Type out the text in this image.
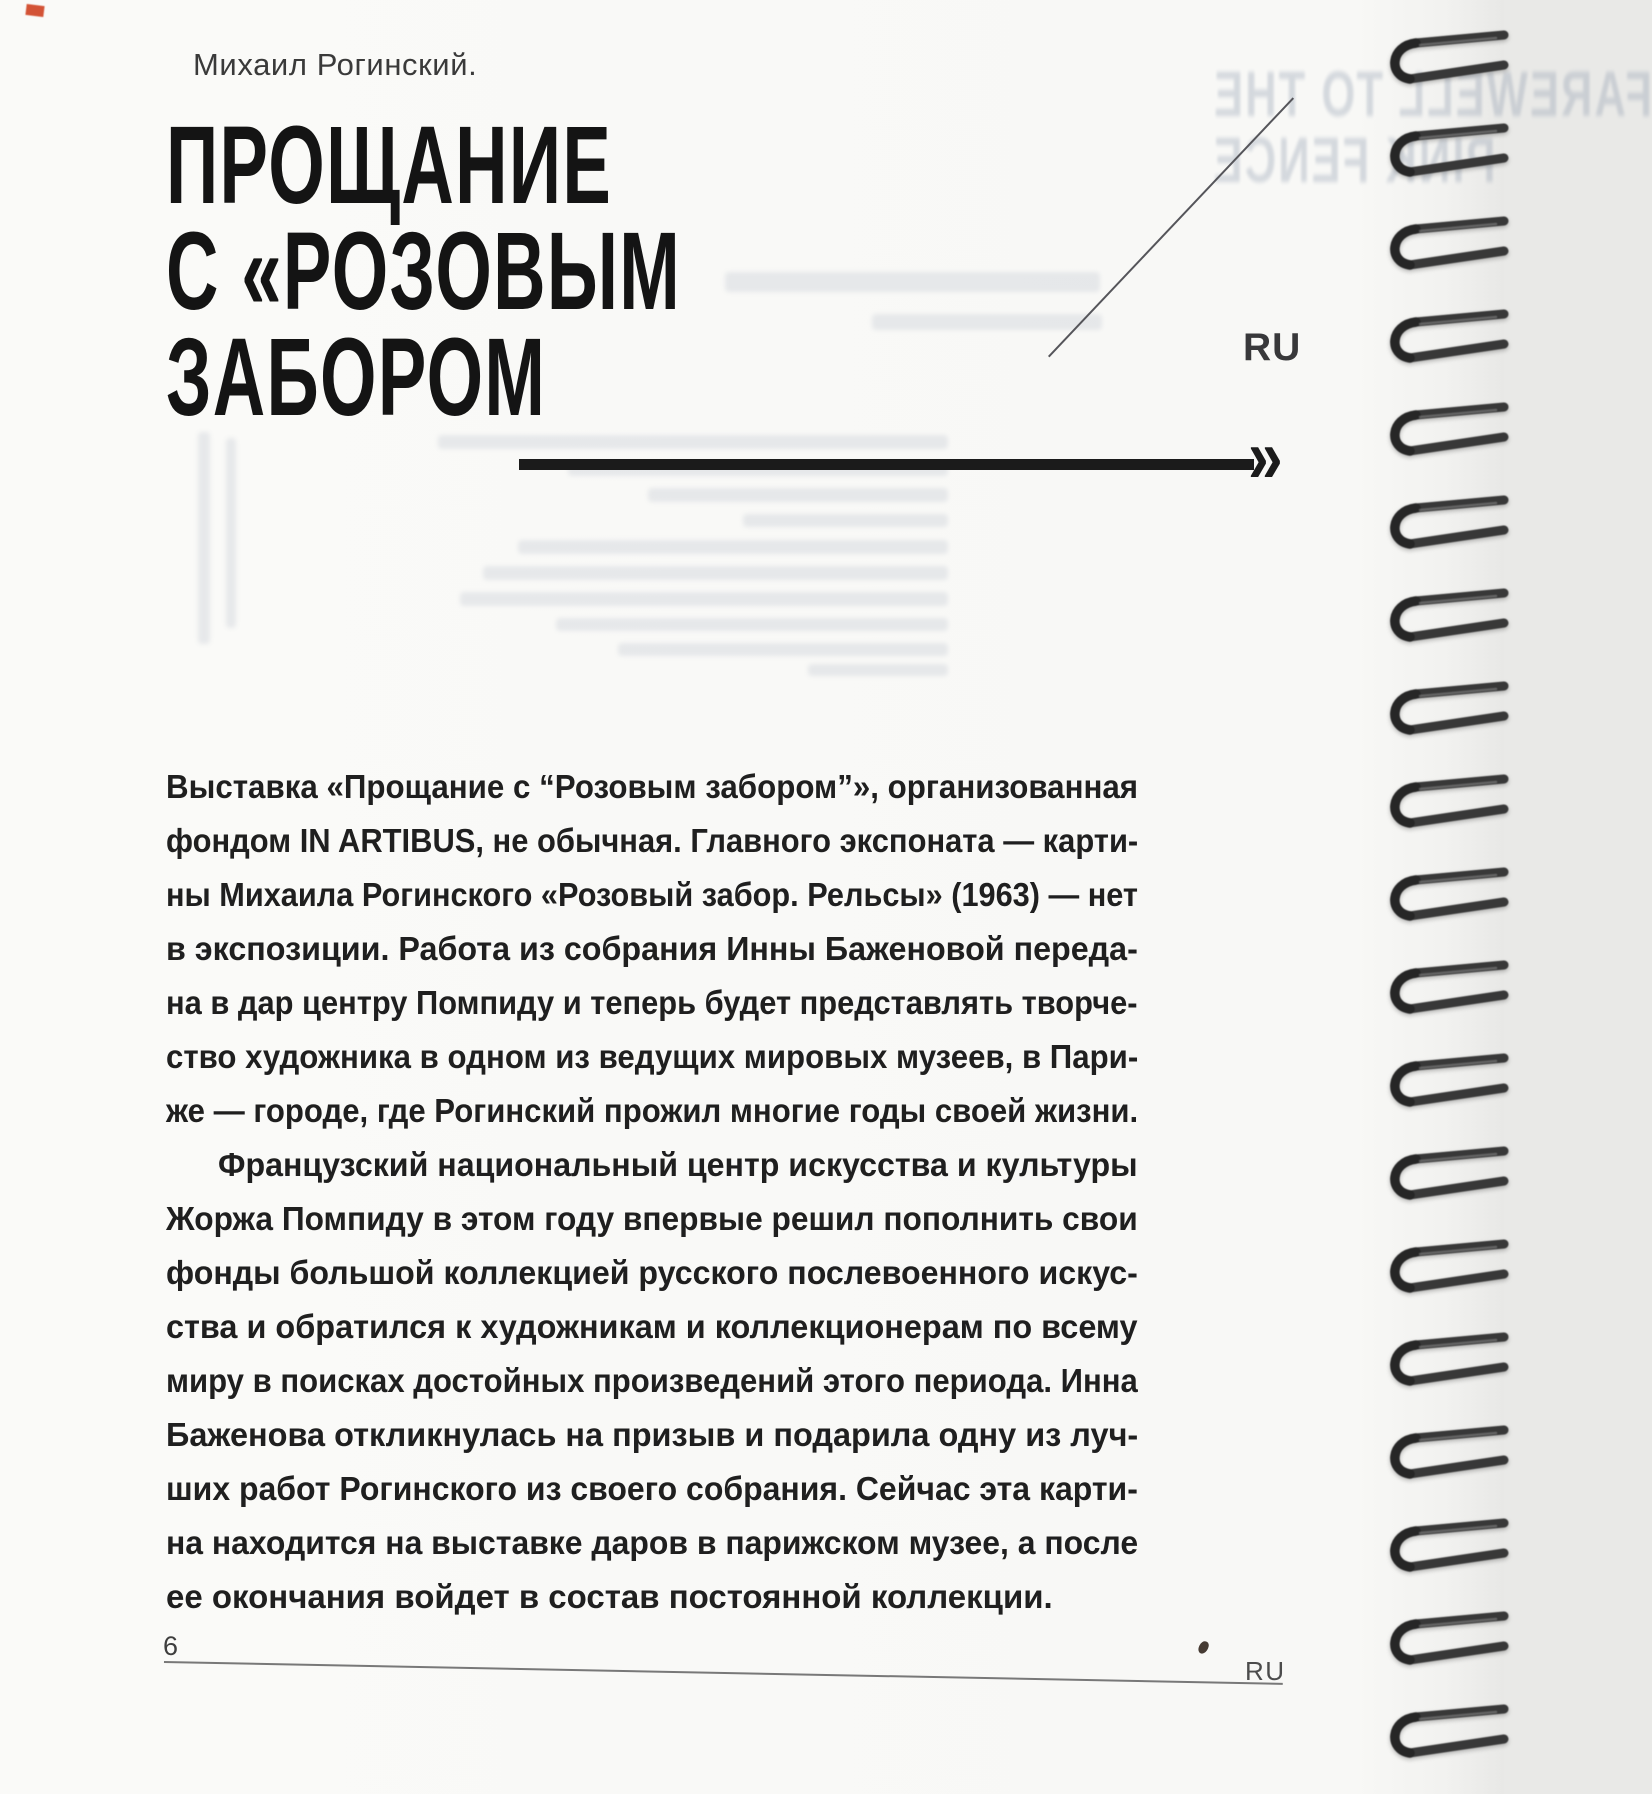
FAREWELL TO THE
PINK FENCE
Михаил Рогинский.
ПРОЩАНИЕ
С «РОЗОВЫМ
ЗАБОРОМ
»
RU
Выставка «Прощание с “Розовым забором”», организованная
фондом IN ARTIBUS, не обычная. Главного экспоната — карти-
ны Михаила Рогинского «Розовый забор. Рельсы» (1963) — нет
в экспозиции. Работа из собрания Инны Баженовой переда-
на в дар центру Помпиду и теперь будет представлять творче-
ство художника в одном из ведущих мировых музеев, в Пари-
же — городе, где Рогинский прожил многие годы своей жизни.
Французский национальный центр искусства и культуры
Жоржа Помпиду в этом году впервые решил пополнить свои
фонды большой коллекцией русского послевоенного искус-
ства и обратился к художникам и коллекционерам по всему
миру в поисках достойных произведений этого периода. Инна
Баженова откликнулась на призыв и подарила одну из луч-
ших работ Рогинского из своего собрания. Сейчас эта карти-
на находится на выставке даров в парижском музее, а после
ее окончания войдет в состав постоянной коллекции.
6
RU
